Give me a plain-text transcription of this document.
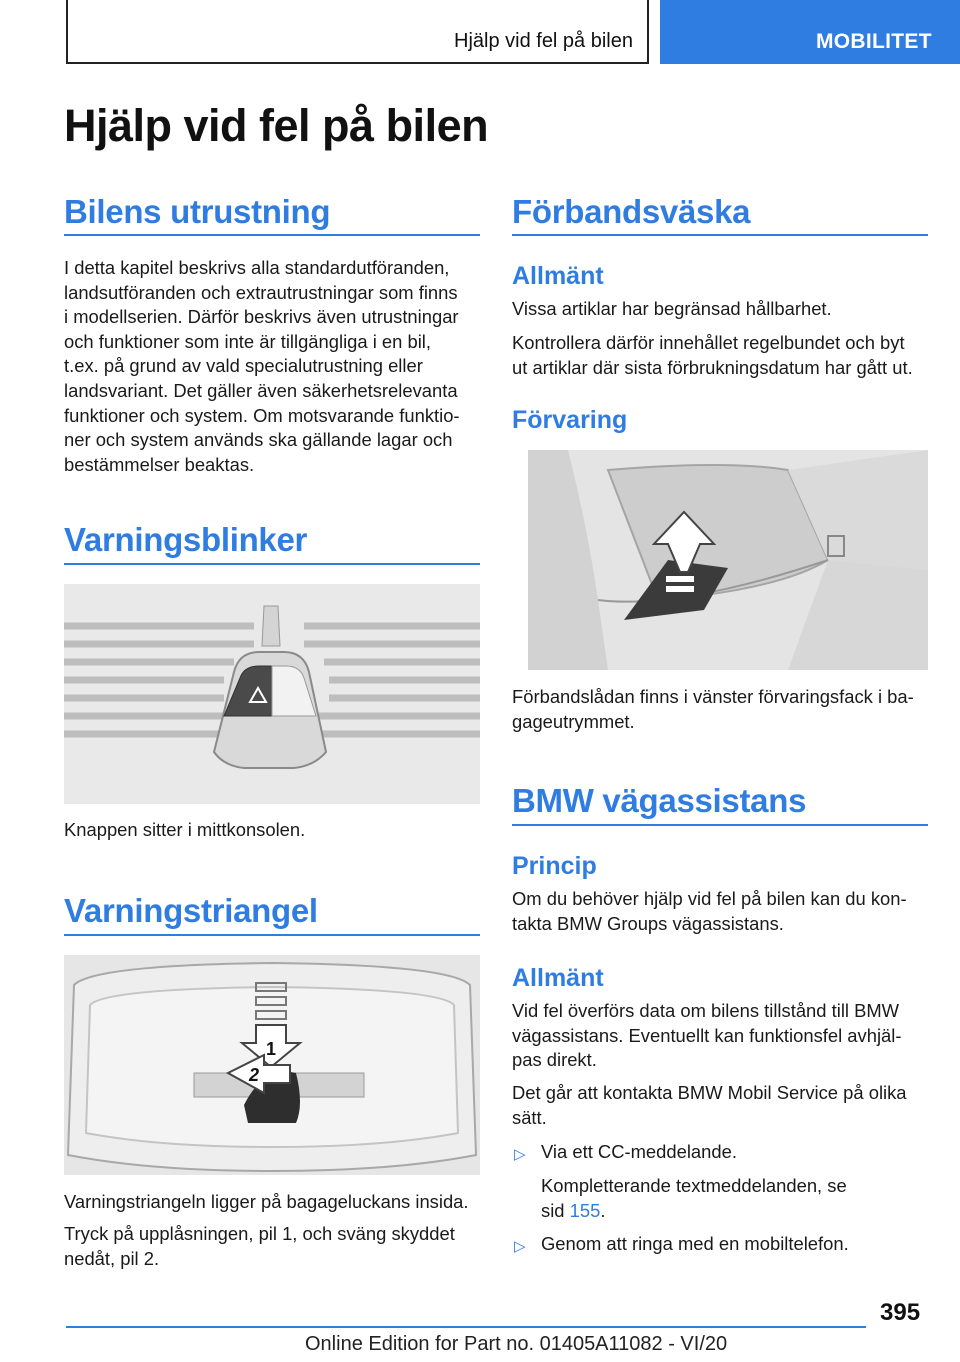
Hjälp vid fel på bilen	MOBILITET
Hjälp vid fel på bilen
Bilens utrustning
I detta kapitel beskrivs alla standardutföranden,
landsutföranden och extrautrustningar som finns
i modellserien. Därför beskrivs även utrustningar
och funktioner som inte är tillgängliga i en bil,
t.ex. på grund av vald specialutrustning eller
landsvariant. Det gäller även säkerhetsrelevanta
funktioner och system. Om motsvarande funktio‐
ner och system används ska gällande lagar och
bestämmelser beaktas.
Varningsblinker
Knappen sitter i mittkonsolen.
Varningstriangel
1
2
Varningstriangeln ligger på bagageluckans insida.
Tryck på upplåsningen, pil 1, och sväng skyddet
nedåt, pil 2.
Förbandsväska
Allmänt
Vissa artiklar har begränsad hållbarhet.
Kontrollera därför innehållet regelbundet och byt
ut artiklar där sista förbrukningsdatum har gått ut.
Förvaring
Förbandslådan finns i vänster förvaringsfack i ba‐
gageutrymmet.
BMW vägassistans
Princip
Om du behöver hjälp vid fel på bilen kan du kon‐
takta BMW Groups vägassistans.
Allmänt
Vid fel överförs data om bilens tillstånd till BMW
vägassistans. Eventuellt kan funktionsfel avhjäl‐
pas direkt.
Det går att kontakta BMW Mobil Service på olika
sätt.
▷ Via ett CC-meddelande.
Kompletterande textmeddelanden, se
sid 155.
▷ Genom att ringa med en mobiltelefon.
395
Online Edition for Part no. 01405A11082 - VI/20
